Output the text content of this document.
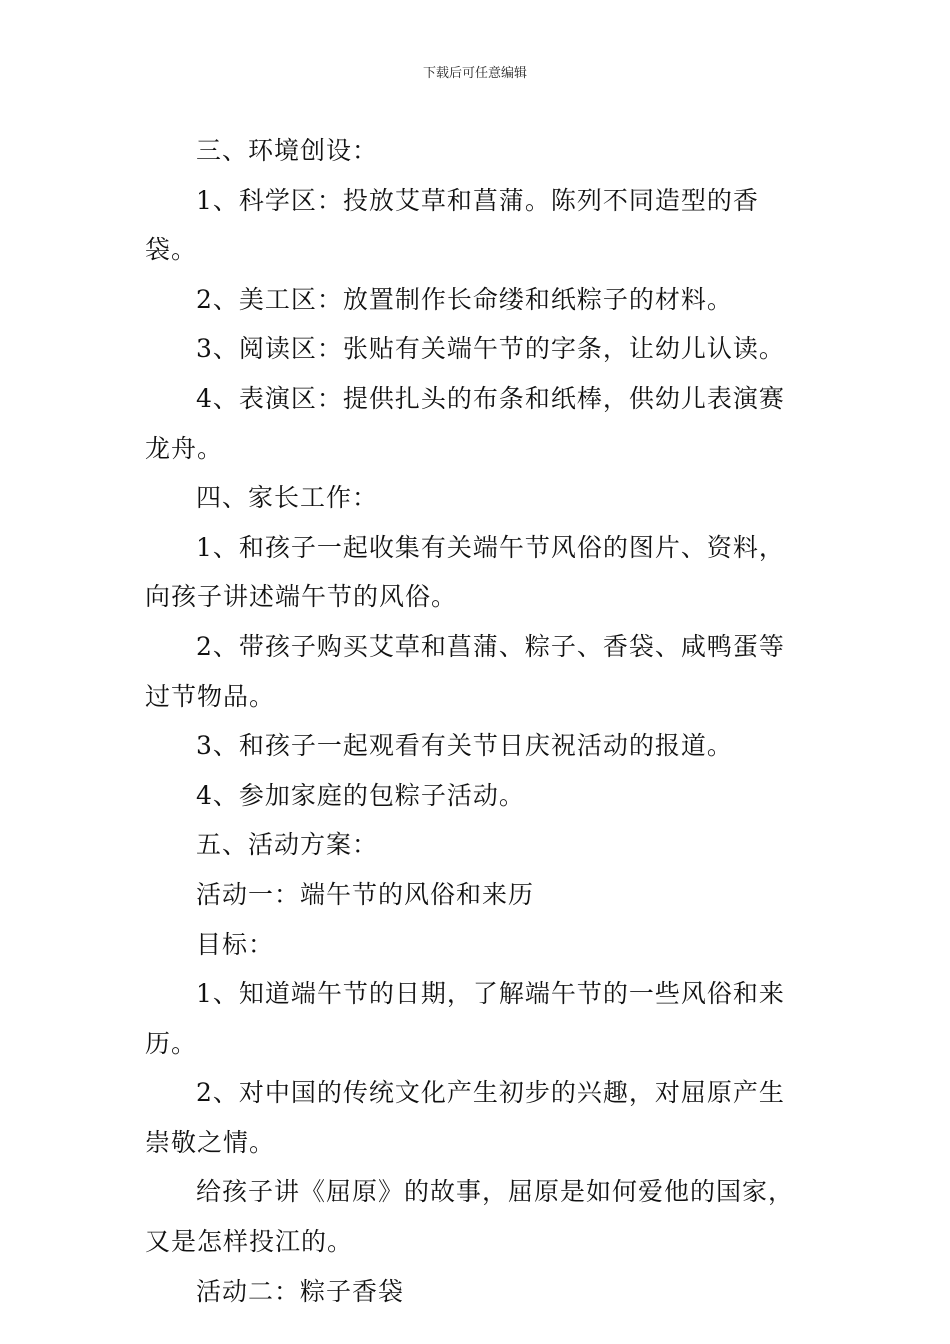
下载后可任意编辑

三、环境创设：

1、科学区：投放艾草和菖蒲。陈列不同造型的香袋。

2、美工区：放置制作长命缕和纸粽子的材料。

3、阅读区：张贴有关端午节的字条，让幼儿认读。

4、表演区：提供扎头的布条和纸棒，供幼儿表演赛龙舟。

四、家长工作：

1、和孩子一起收集有关端午节风俗的图片、资料，向孩子讲述端午节的风俗。

2、带孩子购买艾草和菖蒲、粽子、香袋、咸鸭蛋等过节物品。

3、和孩子一起观看有关节日庆祝活动的报道。

4、参加家庭的包粽子活动。

五、活动方案：

活动一：端午节的风俗和来历

目标：

1、知道端午节的日期，了解端午节的一些风俗和来历。

2、对中国的传统文化产生初步的兴趣，对屈原产生崇敬之情。

给孩子讲《屈原》的故事，屈原是如何爱他的国家，又是怎样投江的。

活动二：粽子香袋
